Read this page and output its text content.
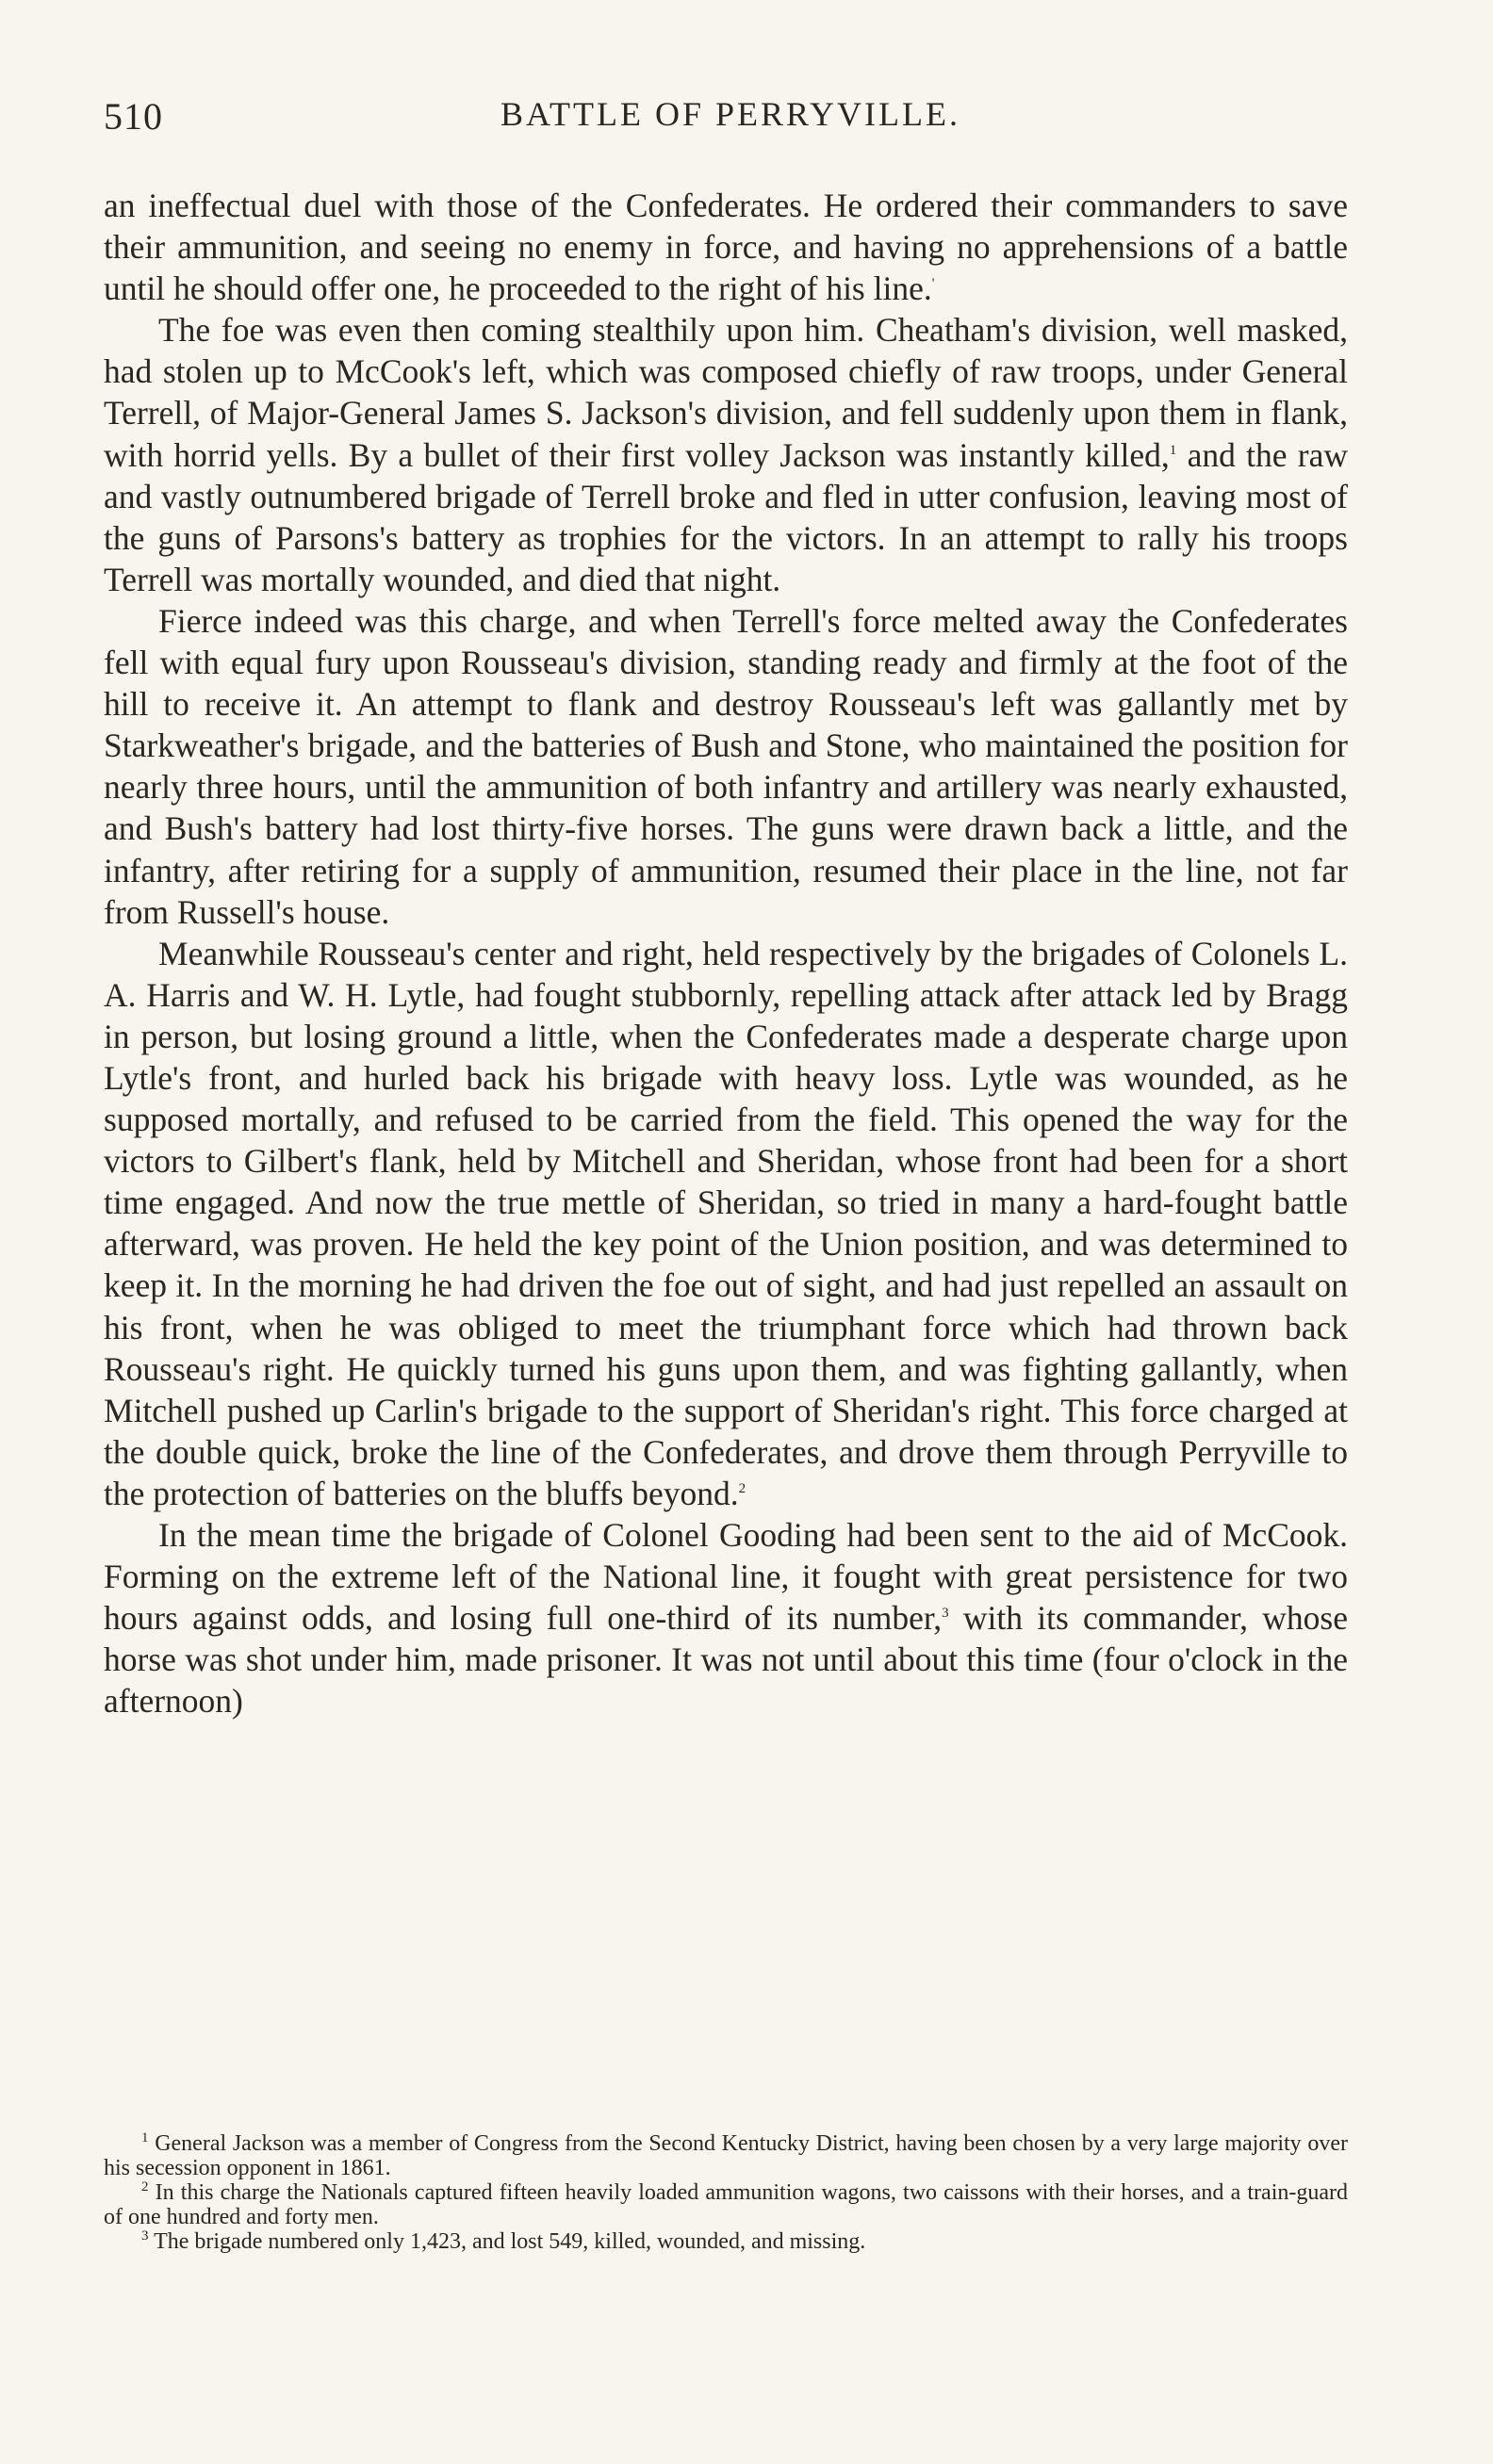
510	BATTLE OF PERRYVILLE.

an ineffectual duel with those of the Confederates. He ordered their commanders to save their ammunition, and seeing no enemy in force, and having no apprehensions of a battle until he should offer one, he proceeded to the right of his line.'

The foe was even then coming stealthily upon him. Cheatham's division, well masked, had stolen up to McCook's left, which was composed chiefly of raw troops, under General Terrell, of Major-General James S. Jackson's division, and fell suddenly upon them in flank, with horrid yells. By a bullet of their first volley Jackson was instantly killed,$^1$ and the raw and vastly outnumbered brigade of Terrell broke and fled in utter confusion, leaving most of the guns of Parsons's battery as trophies for the victors. In an attempt to rally his troops Terrell was mortally wounded, and died that night.

Fierce indeed was this charge, and when Terrell's force melted away the Confederates fell with equal fury upon Rousseau's division, standing ready and firmly at the foot of the hill to receive it. An attempt to flank and destroy Rousseau's left was gallantly met by Starkweather's brigade, and the batteries of Bush and Stone, who maintained the position for nearly three hours, until the ammunition of both infantry and artillery was nearly exhausted, and Bush's battery had lost thirty-five horses. The guns were drawn back a little, and the infantry, after retiring for a supply of ammunition, resumed their place in the line, not far from Russell's house.

Meanwhile Rousseau's center and right, held respectively by the brigades of Colonels L. A. Harris and W. H. Lytle, had fought stubbornly, repelling attack after attack led by Bragg in person, but losing ground a little, when the Confederates made a desperate charge upon Lytle's front, and hurled back his brigade with heavy loss. Lytle was wounded, as he supposed mortally, and refused to be carried from the field. This opened the way for the victors to Gilbert's flank, held by Mitchell and Sheridan, whose front had been for a short time engaged. And now the true mettle of Sheridan, so tried in many a hard-fought battle afterward, was proven. He held the key point of the Union position, and was determined to keep it. In the morning he had driven the foe out of sight, and had just repelled an assault on his front, when he was obliged to meet the triumphant force which had thrown back Rousseau's right. He quickly turned his guns upon them, and was fighting gallantly, when Mitchell pushed up Carlin's brigade to the support of Sheridan's right. This force charged at the double quick, broke the line of the Confederates, and drove them through Perryville to the protection of batteries on the bluffs beyond.$^2$

In the mean time the brigade of Colonel Gooding had been sent to the aid of McCook. Forming on the extreme left of the National line, it fought with great persistence for two hours against odds, and losing full one-third of its number,$^3$ with its commander, whose horse was shot under him, made prisoner. It was not until about this time (four o'clock in the afternoon)

$^1$ General Jackson was a member of Congress from the Second Kentucky District, having been chosen by a very large majority over his secession opponent in 1861.

$^2$ In this charge the Nationals captured fifteen heavily loaded ammunition wagons, two caissons with their horses, and a train-guard of one hundred and forty men.

$^3$ The brigade numbered only 1,423, and lost 549, killed, wounded, and missing.
